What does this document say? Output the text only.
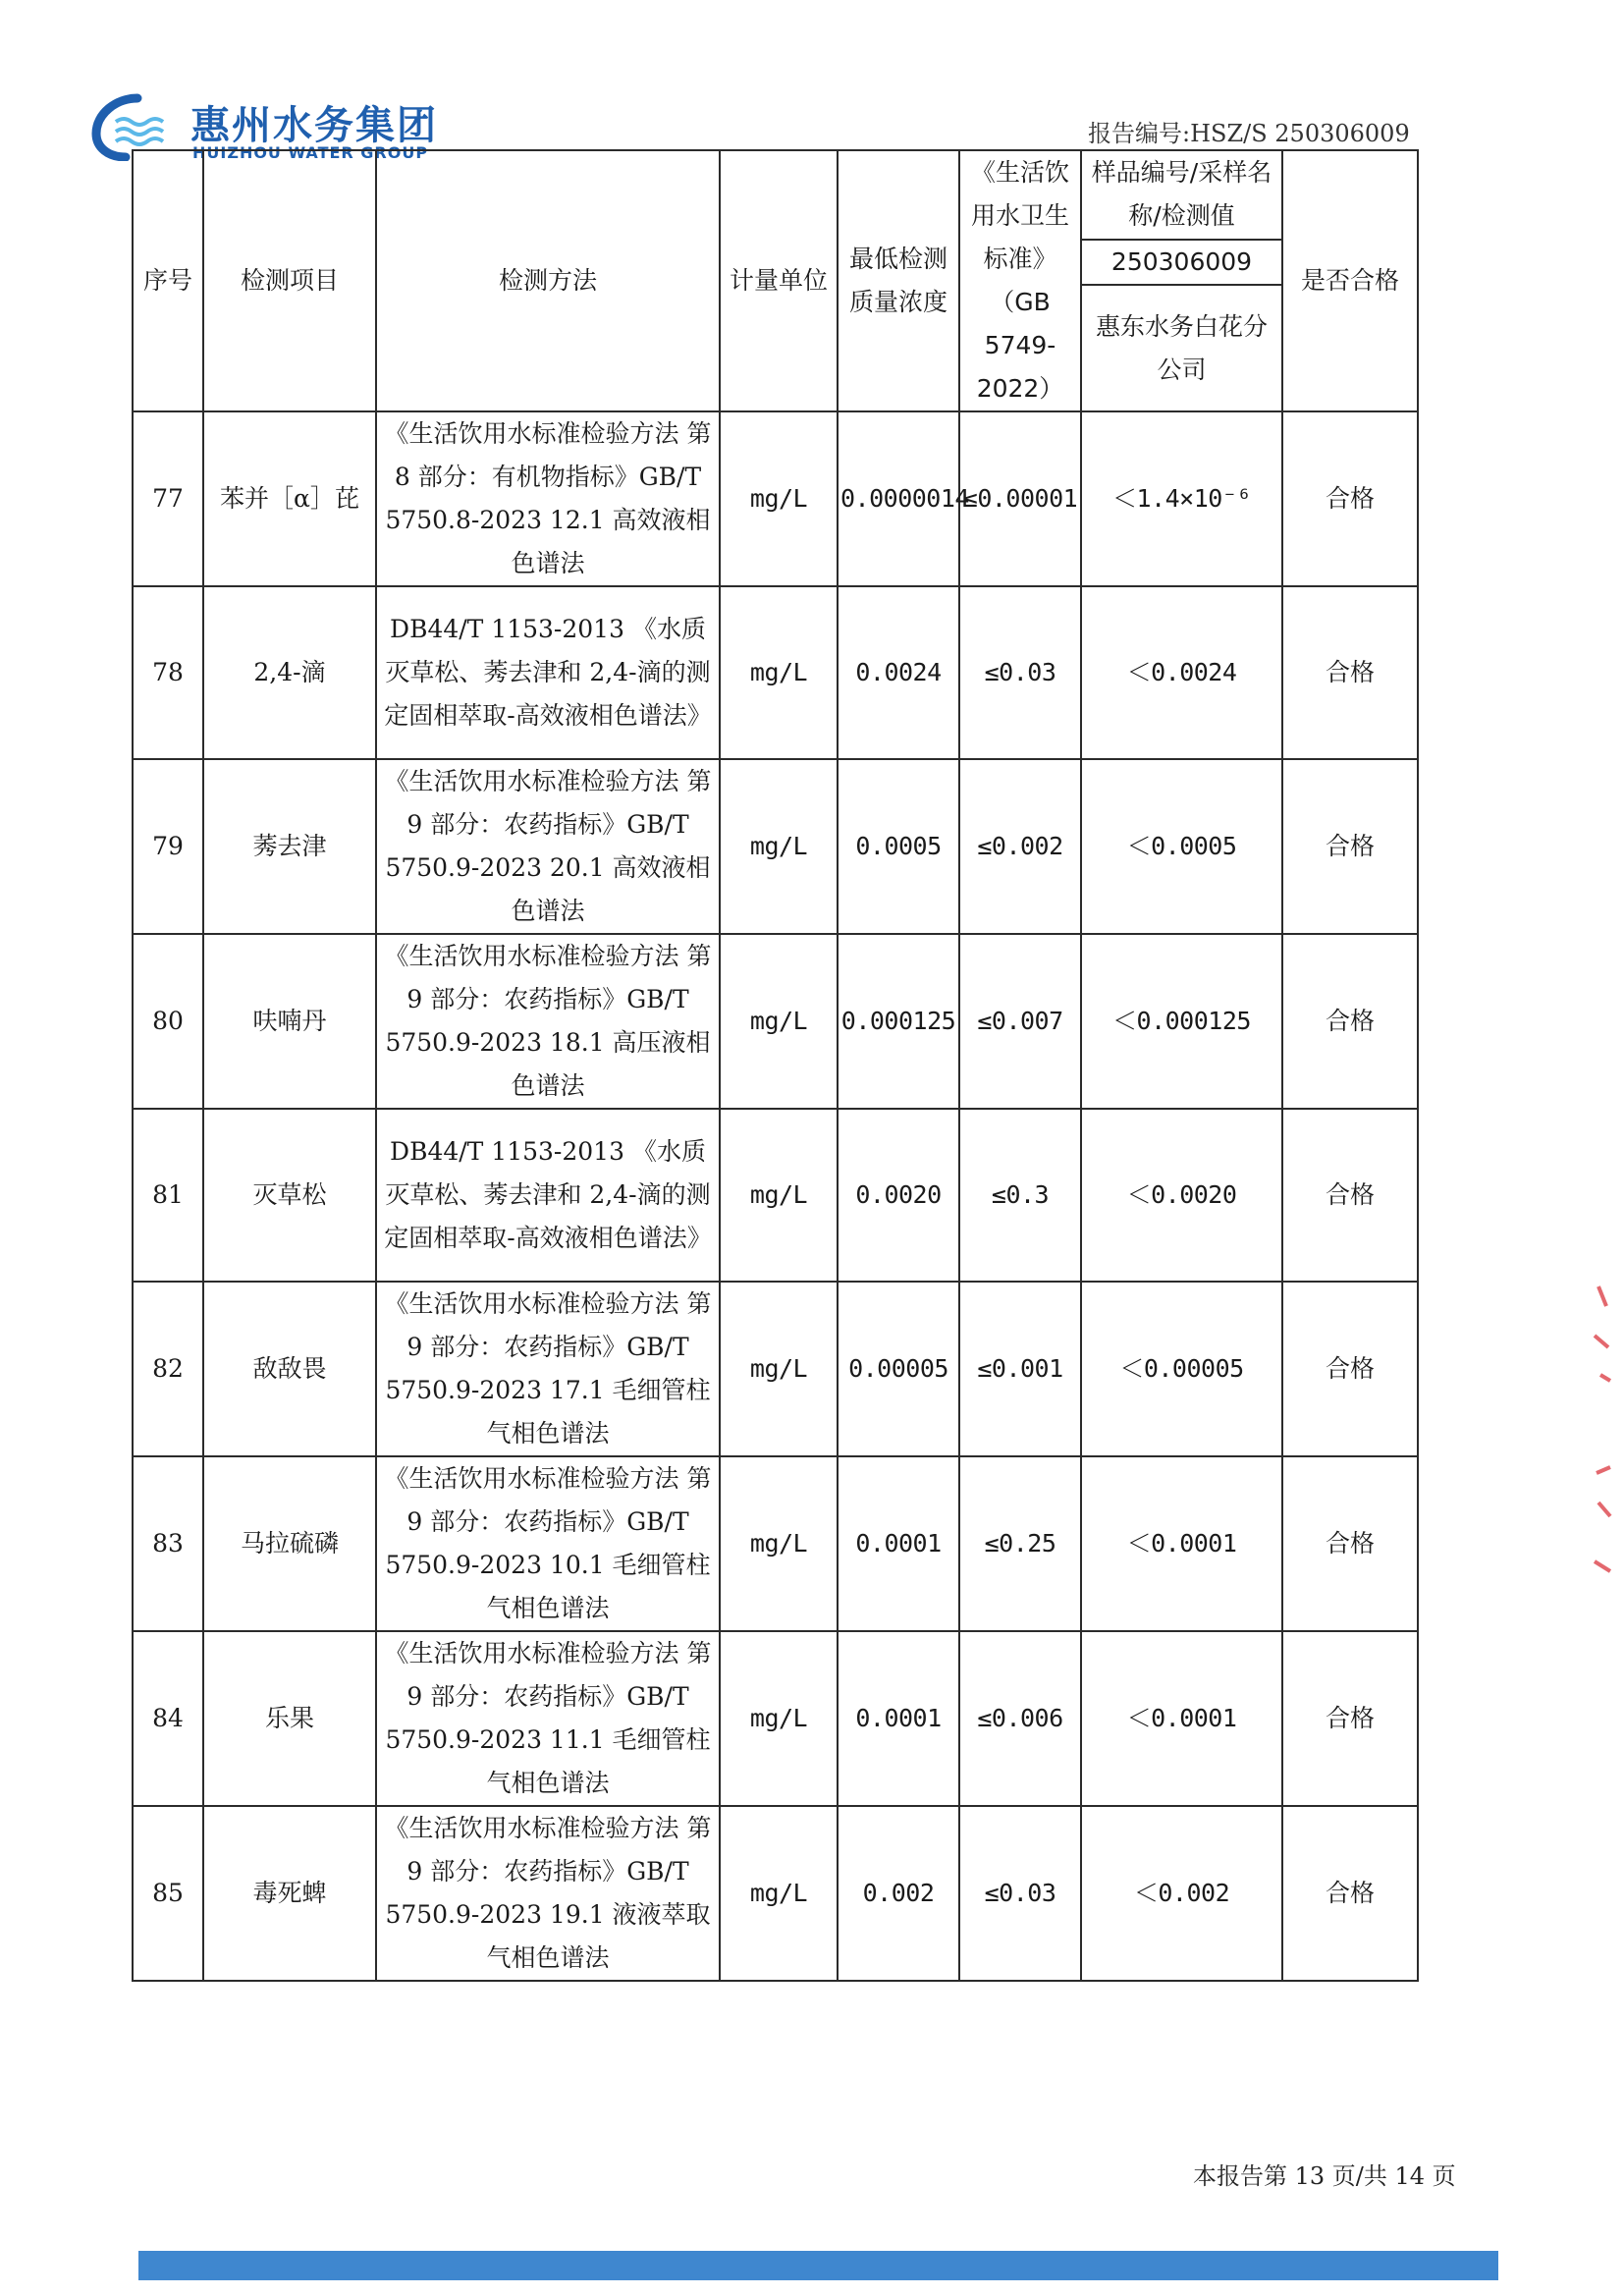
惠州水务集团
HUIZHOU WATER GROUP
报告编号:HSZ/S 250306009
序号	检测项目	检测方法	计量单位	最低检测质量浓度	《生活饮用水卫生标准》（GB 5749-2022）	样品编号/采样名称/检测值	是否合格
						250306009	
						惠东水务白花分公司	
77	苯并［α］芘	《生活饮用水标准检验方法 第 8 部分：有机物指标》GB/T 5750.8-2023 12.1 高效液相色谱法	mg/L	0.0000014	≤0.00001	＜1.4×10⁻⁶	合格
78	2,4-滴	DB44/T 1153-2013 《水质 灭草松、莠去津和 2,4-滴的测定固相萃取-高效液相色谱法》	mg/L	0.0024	≤0.03	＜0.0024	合格
79	莠去津	《生活饮用水标准检验方法 第 9 部分：农药指标》GB/T 5750.9-2023 20.1 高效液相色谱法	mg/L	0.0005	≤0.002	＜0.0005	合格
80	呋喃丹	《生活饮用水标准检验方法 第 9 部分：农药指标》GB/T 5750.9-2023 18.1 高压液相色谱法	mg/L	0.000125	≤0.007	＜0.000125	合格
81	灭草松	DB44/T 1153-2013 《水质 灭草松、莠去津和 2,4-滴的测定固相萃取-高效液相色谱法》	mg/L	0.0020	≤0.3	＜0.0020	合格
82	敌敌畏	《生活饮用水标准检验方法 第 9 部分：农药指标》GB/T 5750.9-2023 17.1 毛细管柱气相色谱法	mg/L	0.00005	≤0.001	＜0.00005	合格
83	马拉硫磷	《生活饮用水标准检验方法 第 9 部分：农药指标》GB/T 5750.9-2023 10.1 毛细管柱气相色谱法	mg/L	0.0001	≤0.25	＜0.0001	合格
84	乐果	《生活饮用水标准检验方法 第 9 部分：农药指标》GB/T 5750.9-2023 11.1 毛细管柱气相色谱法	mg/L	0.0001	≤0.006	＜0.0001	合格
85	毒死蜱	《生活饮用水标准检验方法 第 9 部分：农药指标》GB/T 5750.9-2023 19.1 液液萃取气相色谱法	mg/L	0.002	≤0.03	＜0.002	合格
本报告第 13 页/共 14 页
